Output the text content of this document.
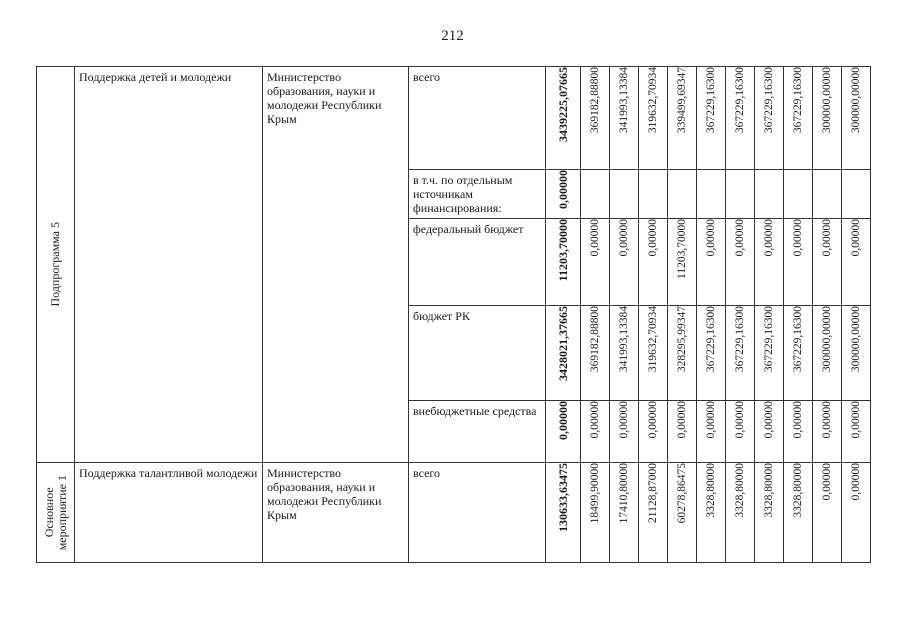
212
Подпрограмма 5	Поддержка детей и молодежи	Министерство образования, науки и молодежи Республики Крым	всего	3439225,07665	369182,88800	341993,13384	319632,70934	339499,69347	367229,16300	367229,16300	367229,16300	367229,16300	300000,00000	300000,00000

			в т.ч. по отдельным источникам финансирования:	0,00000										

			федеральный бюджет	11203,70000	0,00000	0,00000	0,00000	11203,70000	0,00000	0,00000	0,00000	0,00000	0,00000	0,00000

			бюджет РК	3428021,37665	369182,88800	341993,13384	319632,70934	328295,99347	367229,16300	367229,16300	367229,16300	367229,16300	300000,00000	300000,00000

			внебюджетные средства	0,00000	0,00000	0,00000	0,00000	0,00000	0,00000	0,00000	0,00000	0,00000	0,00000	0,00000

Основное мероприятие 1	Поддержка талантливой молодежи	Министерство образования, науки и молодежи Республики Крым	всего	130633,63475	18499,90000	17410,80000	21128,87000	60278,86475	3328,80000	3328,80000	3328,80000	3328,80000	0,00000	0,00000
